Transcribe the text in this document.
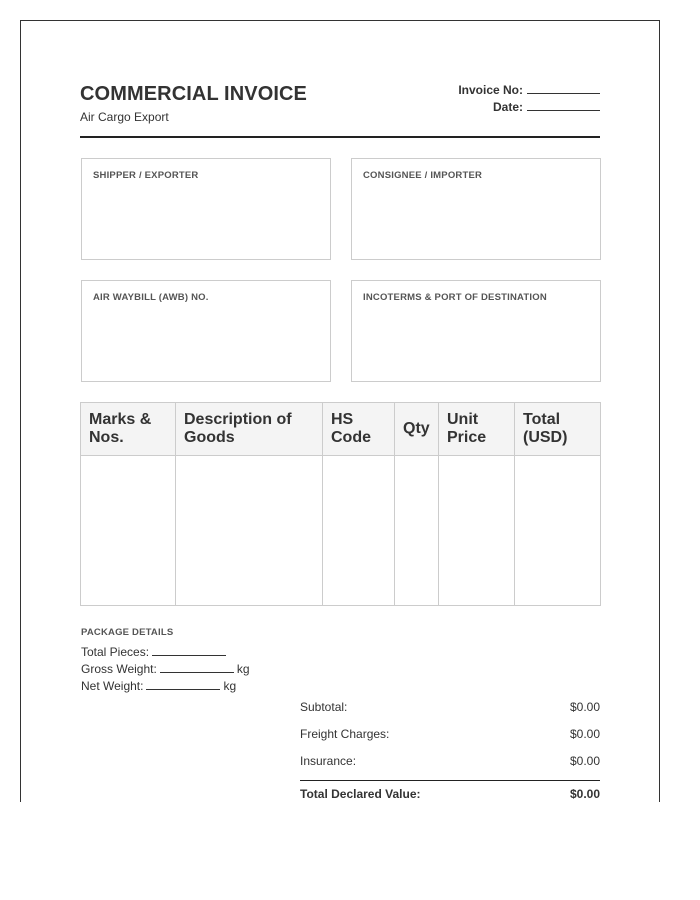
COMMERCIAL INVOICE
Air Cargo Export
Invoice No:
Date:
SHIPPER / EXPORTER	CONSIGNEE / IMPORTER
AIR WAYBILL (AWB) NO.	INCOTERMS & PORT OF DESTINATION
Marks & Nos.	Description of Goods	HS Code	Qty	Unit Price	Total (USD)

PACKAGE DETAILS
Total Pieces:
Gross Weight:	kg
Net Weight:	kg
Subtotal:	$0.00
Freight Charges:	$0.00
Insurance:	$0.00
Total Declared Value:	$0.00
